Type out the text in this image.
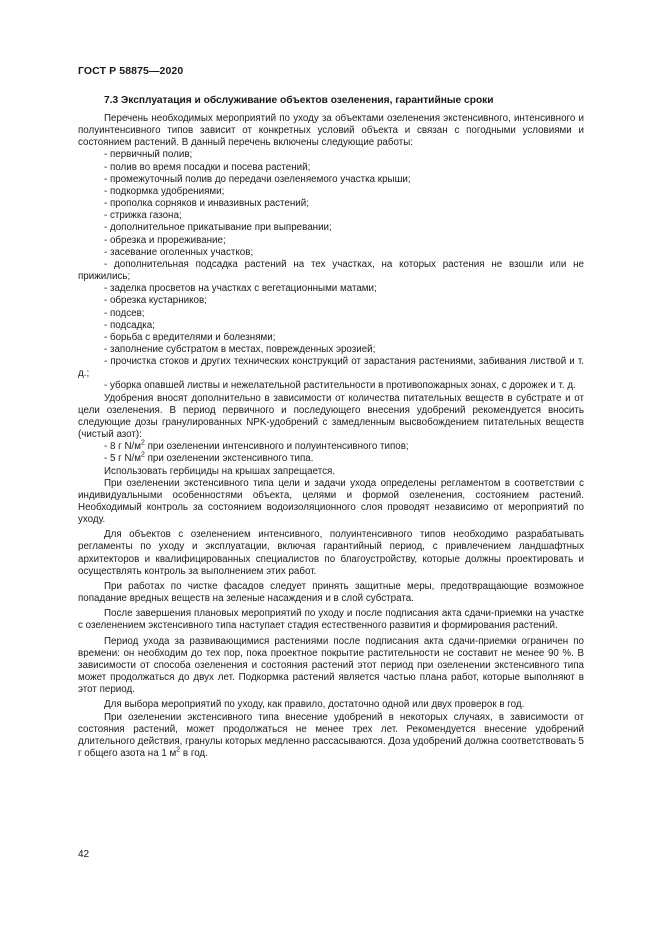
ГОСТ Р 58875—2020

7.3 Эксплуатация и обслуживание объектов озеленения, гарантийные сроки

Перечень необходимых мероприятий по уходу за объектами озеленения экстенсивного, интенсивного и полуинтенсивного типов зависит от конкретных условий объекта и связан с погодными условиями и состоянием растений. В данный перечень включены следующие работы:

- первичный полив;

- полив во время посадки и посева растений;

- промежуточный полив до передачи озеленяемого участка крыши;

- подкормка удобрениями;

- прополка сорняков и инвазивных растений;

- стрижка газона;

- дополнительное прикатывание при выпревании;

- обрезка и прореживание;

- засевание оголенных участков;

- дополнительная подсадка растений на тех участках, на которых растения не взошли или не прижились;

- заделка просветов на участках с вегетационными матами;

- обрезка кустарников;

- подсев;

- подсадка;

- борьба с вредителями и болезнями;

- заполнение субстратом в местах, поврежденных эрозией;

- прочистка стоков и других технических конструкций от зарастания растениями, забивания листвой и т. д.;

- уборка опавшей листвы и нежелательной растительности в противопожарных зонах, с дорожек и т. д.

Удобрения вносят дополнительно в зависимости от количества питательных веществ в субстрате и от цели озеленения. В период первичного и последующего внесения удобрений рекомендуется вносить следующие дозы гранулированных NPK-удобрений с замедленным высвобождением питательных веществ (чистый азот):

- 8 г $N/м^2$ при озеленении интенсивного и полуинтенсивного типов;

- 5 г $N/м^2$ при озеленении экстенсивного типа.

Использовать гербициды на крышах запрещается.

При озеленении экстенсивного типа цели и задачи ухода определены регламентом в соответствии с индивидуальными особенностями объекта, целями и формой озеленения, состоянием растений. Необходимый контроль за состоянием водоизоляционного слоя проводят независимо от мероприятий по уходу.

Для объектов с озеленением интенсивного, полуинтенсивного типов необходимо разрабатывать регламенты по уходу и эксплуатации, включая гарантийный период, с привлечением ландшафтных архитекторов и квалифицированных специалистов по благоустройству, которые должны проектировать и осуществлять контроль за выполнением этих работ.

При работах по чистке фасадов следует принять защитные меры, предотвращающие возможное попадание вредных веществ на зеленые насаждения и в слой субстрата.

После завершения плановых мероприятий по уходу и после подписания акта сдачи-приемки на участке с озеленением экстенсивного типа наступает стадия естественного развития и формирования растений.

Период ухода за развивающимися растениями после подписания акта сдачи-приемки ограничен по времени: он необходим до тех пор, пока проектное покрытие растительности не составит не менее 90 %. В зависимости от способа озеленения и состояния растений этот период при озеленении экстенсивного типа может продолжаться до двух лет. Подкормка растений является частью плана работ, которые выполняют в этот период.

Для выбора мероприятий по уходу, как правило, достаточно одной или двух проверок в год.

При озеленении экстенсивного типа внесение удобрений в некоторых случаях, в зависимости от состояния растений, может продолжаться не менее трех лет. Рекомендуется внесение удобрений длительного действия, гранулы которых медленно рассасываются. Доза удобрений должна соответствовать 5 г общего азота на 1 $м^2$ в год.

42
